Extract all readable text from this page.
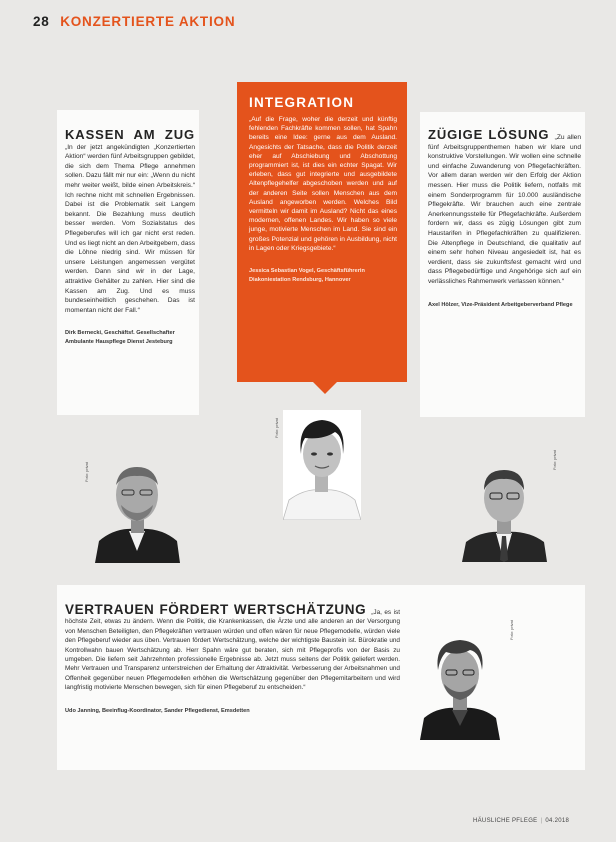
28 KONZERTIERTE AKTION
KASSEN AM ZUG „In der jetzt angekündigten „Konzertierten Aktion“ werden fünf Arbeitsgruppen gebildet, die sich dem Thema Pflege annehmen sollen. Dazu fällt mir nur ein: „Wenn du nicht mehr weiter weißt, bilde einen Arbeitskreis.“ Ich rechne nicht mit schnellen Ergebnissen. Dabei ist die Problematik seit Langem bekannt. Die Bezahlung muss deutlich besser werden. Vom Sozialstatus des Pflegeberufes will ich gar nicht erst reden. Und es liegt nicht an den Arbeitgebern, dass die Löhne niedrig sind. Wir müssen für unsere Leistungen angemessen vergütet werden. Dann sind wir in der Lage, attraktive Gehälter zu zahlen. Hier sind die Kassen am Zug. Und es muss bundeseinheitlich geschehen. Das ist momentan nicht der Fall.“
Dirk Bernecki, Geschäftsf. Gesellschafter Ambulante Hauspflege Dienst Jesteburg
INTEGRATION
„Auf die Frage, woher die derzeit und künftig fehlenden Fachkräfte kommen sollen, hat Spahn bereits eine Idee: gerne aus dem Ausland. Angesichts der Tatsache, dass die Politik derzeit eher auf Abschiebung und Abschottung programmiert ist, ist dies ein echter Spagat. Wir erleben, dass gut integrierte und ausgebildete Altenpflegehelfer abgeschoben werden und auf der anderen Seite sollen Menschen aus dem Ausland angeworben werden. Welches Bild vermitteln wir damit im Ausland? Nicht das eines modernen, offenen Landes. Wir haben so viele junge, motivierte Menschen im Land. Sie sind ein großes Potenzial und gehören in Ausbildung, nicht in Lagen oder Kriegsgebiete.“
Jessica Sebastian Vogel, Geschäftsführerin Diakoniestation Rendsburg, Hannover
ZÜGIGE LÖSUNG „Zu allen fünf Arbeitsgruppenthemen haben wir klare und konstruktive Vorstellungen. Wir wollen eine schnelle und einfache Zuwanderung von Pflegefachkräften. Vor allem daran werden wir den Erfolg der Aktion messen. Hier muss die Politik liefern, notfalls mit einem Sonderprogramm für 10.000 ausländische Pflegekräfte. Wir brauchen auch eine zentrale Anerkennungsstelle für Pflegefachkräfte. Außerdem fordern wir, dass es zügig Lösungen gibt zum Haustarifen in Pflegefachkräften zu qualifizieren. Die Altenpflege in Deutschland, die qualitativ auf einem sehr hohen Niveau angesiedelt ist, hat es verdient, dass sie zukunftsfest gemacht wird und dass Pflegebedürftige und Angehörige sich auf ein verlässliches Rahmenwerk verlassen können.“
Axel Hölzer, Vize-Präsident Arbeitgeberverband Pflege
VERTRAUEN FÖRDERT WERTSCHÄTZUNG „Ja, es ist höchste Zeit, etwas zu ändern. Wenn die Politik, die Krankenkassen, die Ärzte und alle anderen an der Versorgung von Menschen Beteiligten, den Pflegekräften vertrauen würden und offen wären für neue Pflegemodelle, würden viele den Pflegeberuf wieder aus üben. Vertrauen fördert Wertschätzung, welche der wichtigste Baustein ist. Bürokratie und Kontrollwahn bauen Wertschätzung ab. Herr Spahn wäre gut beraten, sich mit Pflegeprofis von der Basis zu umgeben. Die liefern seit Jahrzehnten professionelle Ergebnisse ab. Jetzt muss seitens der Politik geliefert werden. Mehr Vertrauen und Transparenz unterstreichen der Erhaltung der Attraktivität. Verbesserung der Arbeitsnahmen und Offenheit gegenüber neuen Pflegemodellen erhöhen die Wertschätzung gegenüber den Pflegemitarbeitern und wird langfristig motivierte Menschen bewegen, sich für einen Pflegeberuf zu entscheiden.“
Udo Janning, Beeinflug-Koordinator, Sander Pflegedienst, Emsdetten
Foto: privat
Foto: privat
Foto: privat
Foto: privat
HÄUSLICHE PFLEGE | 04.2018
